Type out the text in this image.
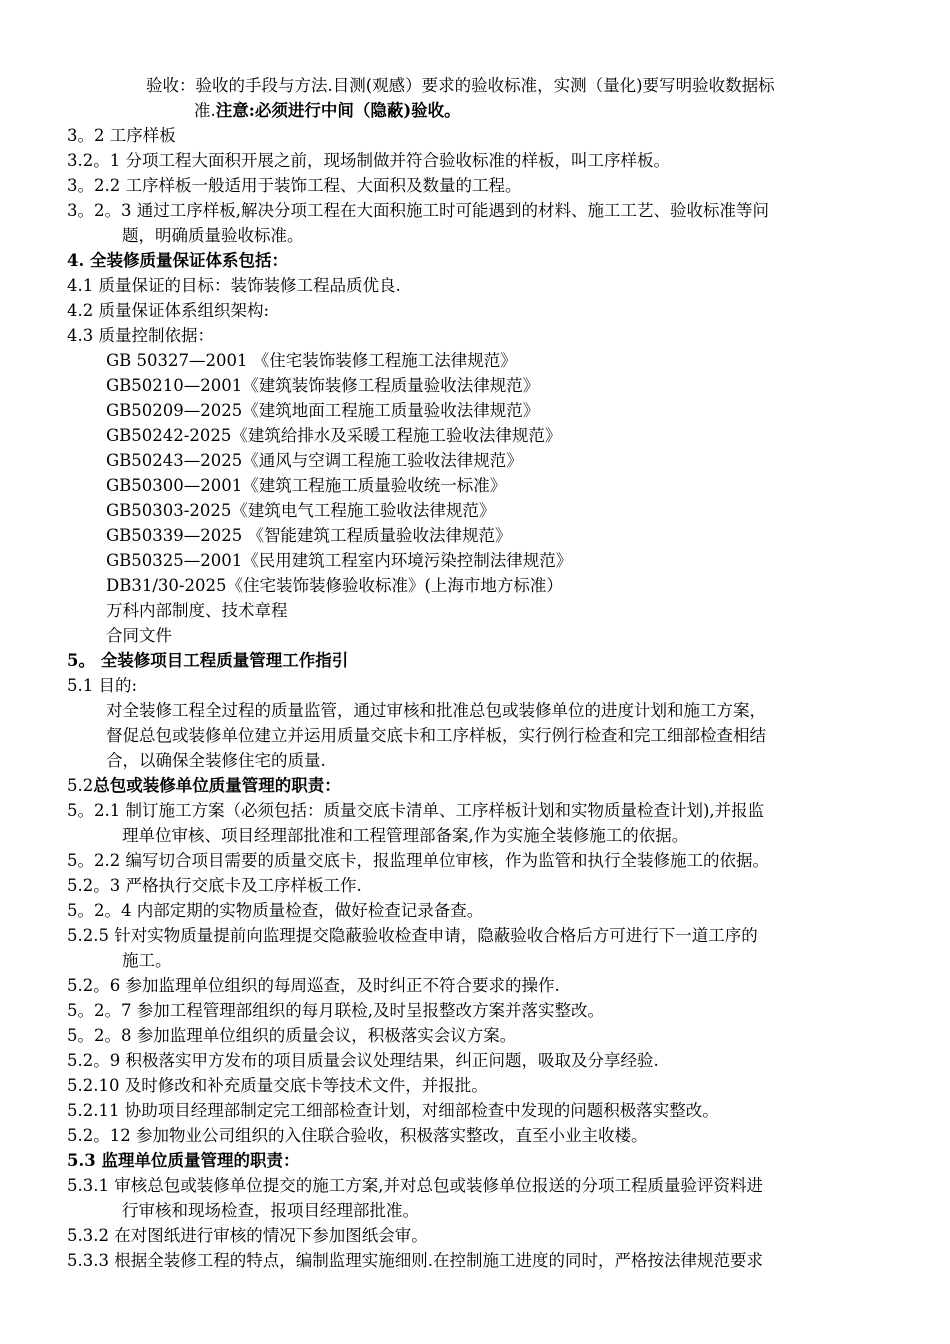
验收：验收的手段与方法.目测(观感）要求的验收标准，实测（量化)要写明验收数据标
准.注意:必须进行中间（隐蔽)验收。
3。2 工序样板
3.2。1 分项工程大面积开展之前，现场制做并符合验收标准的样板，叫工序样板。
3。2.2 工序样板一般适用于装饰工程、大面积及数量的工程。
3。2。3 通过工序样板,解决分项工程在大面积施工时可能遇到的材料、施工工艺、验收标准等问
题，明确质量验收标准。
4. 全装修质量保证体系包括：
4.1 质量保证的目标：装饰装修工程品质优良.
4.2 质量保证体系组织架构:
4.3 质量控制依据：
GB 50327—2001 《住宅装饰装修工程施工法律规范》
GB50210—2001《建筑装饰装修工程质量验收法律规范》
GB50209—2025《建筑地面工程施工质量验收法律规范》
GB50242-2025《建筑给排水及采暖工程施工验收法律规范》
GB50243—2025《通风与空调工程施工验收法律规范》
GB50300—2001《建筑工程施工质量验收统一标准》
GB50303-2025《建筑电气工程施工验收法律规范》
GB50339—2025 《智能建筑工程质量验收法律规范》
GB50325—2001《民用建筑工程室内环境污染控制法律规范》
DB31/30-2025《住宅装饰装修验收标准》(上海市地方标准）
万科内部制度、技术章程
合同文件
5。 全装修项目工程质量管理工作指引
5.1 目的:
对全装修工程全过程的质量监管，通过审核和批准总包或装修单位的进度计划和施工方案，
督促总包或装修单位建立并运用质量交底卡和工序样板，实行例行检查和完工细部检查相结
合，以确保全装修住宅的质量.
5.2总包或装修单位质量管理的职责：
5。2.1 制订施工方案（必须包括：质量交底卡清单、工序样板计划和实物质量检查计划),并报监
理单位审核、项目经理部批准和工程管理部备案,作为实施全装修施工的依据。
5。2.2 编写切合项目需要的质量交底卡，报监理单位审核，作为监管和执行全装修施工的依据。
5.2。3 严格执行交底卡及工序样板工作.
5。2。4 内部定期的实物质量检查，做好检查记录备查。
5.2.5 针对实物质量提前向监理提交隐蔽验收检查申请，隐蔽验收合格后方可进行下一道工序的
施工。
5.2。6 参加监理单位组织的每周巡查，及时纠正不符合要求的操作.
5。2。7 参加工程管理部组织的每月联检,及时呈报整改方案并落实整改。
5。2。8 参加监理单位组织的质量会议，积极落实会议方案。
5.2。9 积极落实甲方发布的项目质量会议处理结果，纠正问题，吸取及分享经验.
5.2.10 及时修改和补充质量交底卡等技术文件，并报批。
5.2.11 协助项目经理部制定完工细部检查计划，对细部检查中发现的问题积极落实整改。
5.2。12 参加物业公司组织的入住联合验收，积极落实整改，直至小业主收楼。
5.3 监理单位质量管理的职责：
5.3.1 审核总包或装修单位提交的施工方案,并对总包或装修单位报送的分项工程质量验评资料进
行审核和现场检查，报项目经理部批准。
5.3.2 在对图纸进行审核的情况下参加图纸会审。
5.3.3 根据全装修工程的特点，编制监理实施细则.在控制施工进度的同时，严格按法律规范要求
